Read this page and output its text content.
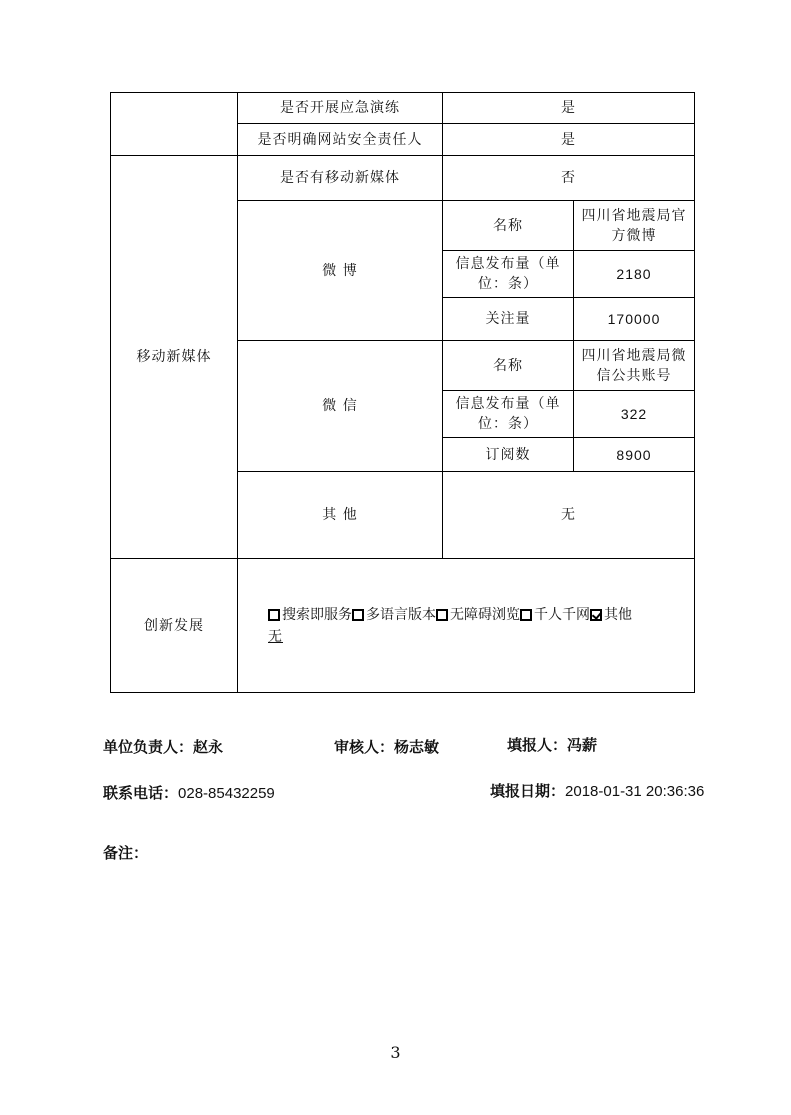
	是否开展应急演练	是	
	是否明确网站安全责任人	是	
移动新媒体	是否有移动新媒体	否	
	微 博	名称	四川省地震局官方微博
		信息发布量（单位：条）	2180
		关注量	170000
	微 信	名称	四川省地震局微信公共账号
		信息发布量（单位：条）	322
		订阅数	8900
	其 他	无	
创新发展	搜索即服务 多语言版本 无障碍浏览 千人千网 其他
无		
单位负责人：赵永	审核人：杨志敏	填报人：冯薪
联系电话：028-85432259	填报日期：2018-01-31 20:36:36
备注：
3
